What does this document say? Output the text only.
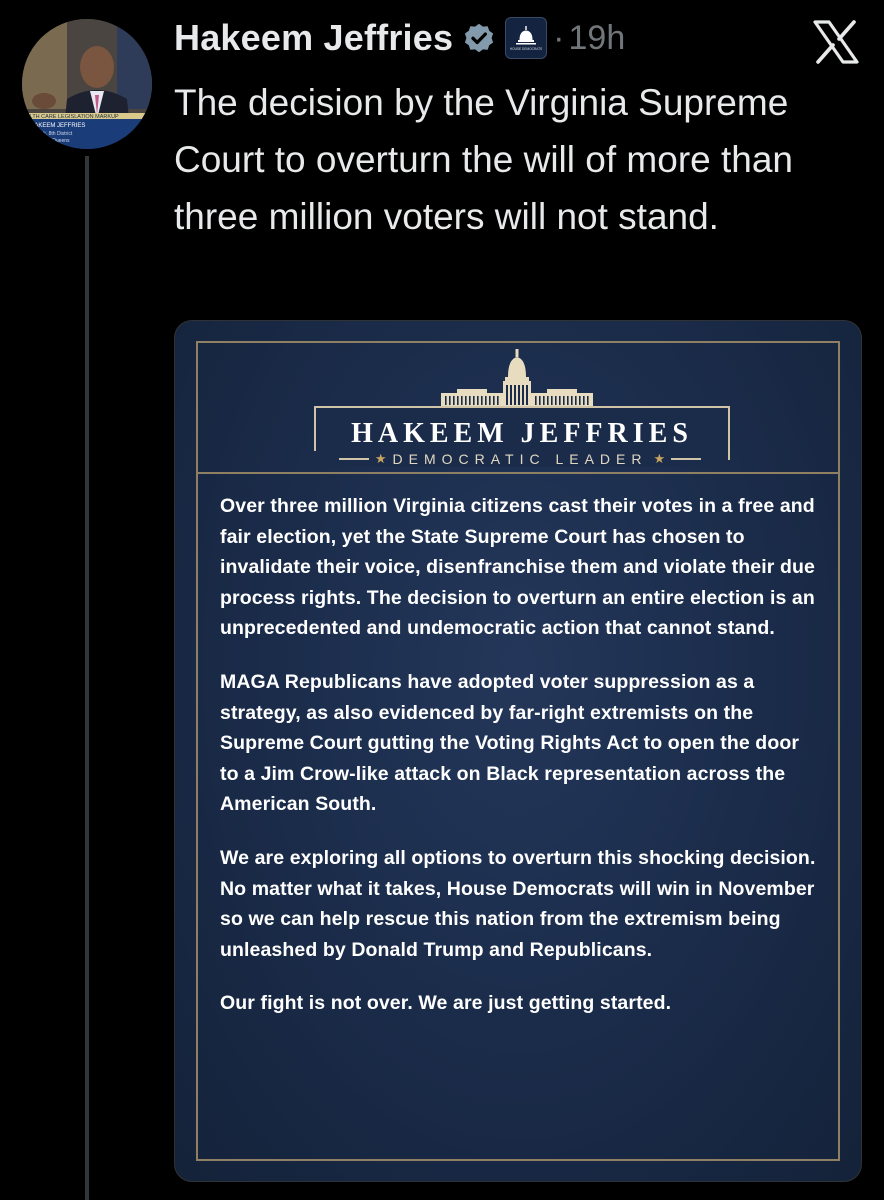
ALTH CARE LEGISLATION MARKUP
HAKEEM JEFFRIES
York, 8th District
Queens
Hakeem Jeffries	HOUSE DEMOCRATS · 19h

The decision by the Virginia Supreme Court to overturn the will of more than three million voters will not stand.

HAKEEM JEFFRIES
★ DEMOCRATIC LEADER ★

Over three million Virginia citizens cast their votes in a free and fair election, yet the State Supreme Court has chosen to invalidate their voice, disenfranchise them and violate their due process rights. The decision to overturn an entire election is an unprecedented and undemocratic action that cannot stand.

MAGA Republicans have adopted voter suppression as a strategy, as also evidenced by far-right extremists on the Supreme Court gutting the Voting Rights Act to open the door to a Jim Crow-like attack on Black representation across the American South.

We are exploring all options to overturn this shocking decision. No matter what it takes, House Democrats will win in November so we can help rescue this nation from the extremism being unleashed by Donald Trump and Republicans.

Our fight is not over. We are just getting started.
